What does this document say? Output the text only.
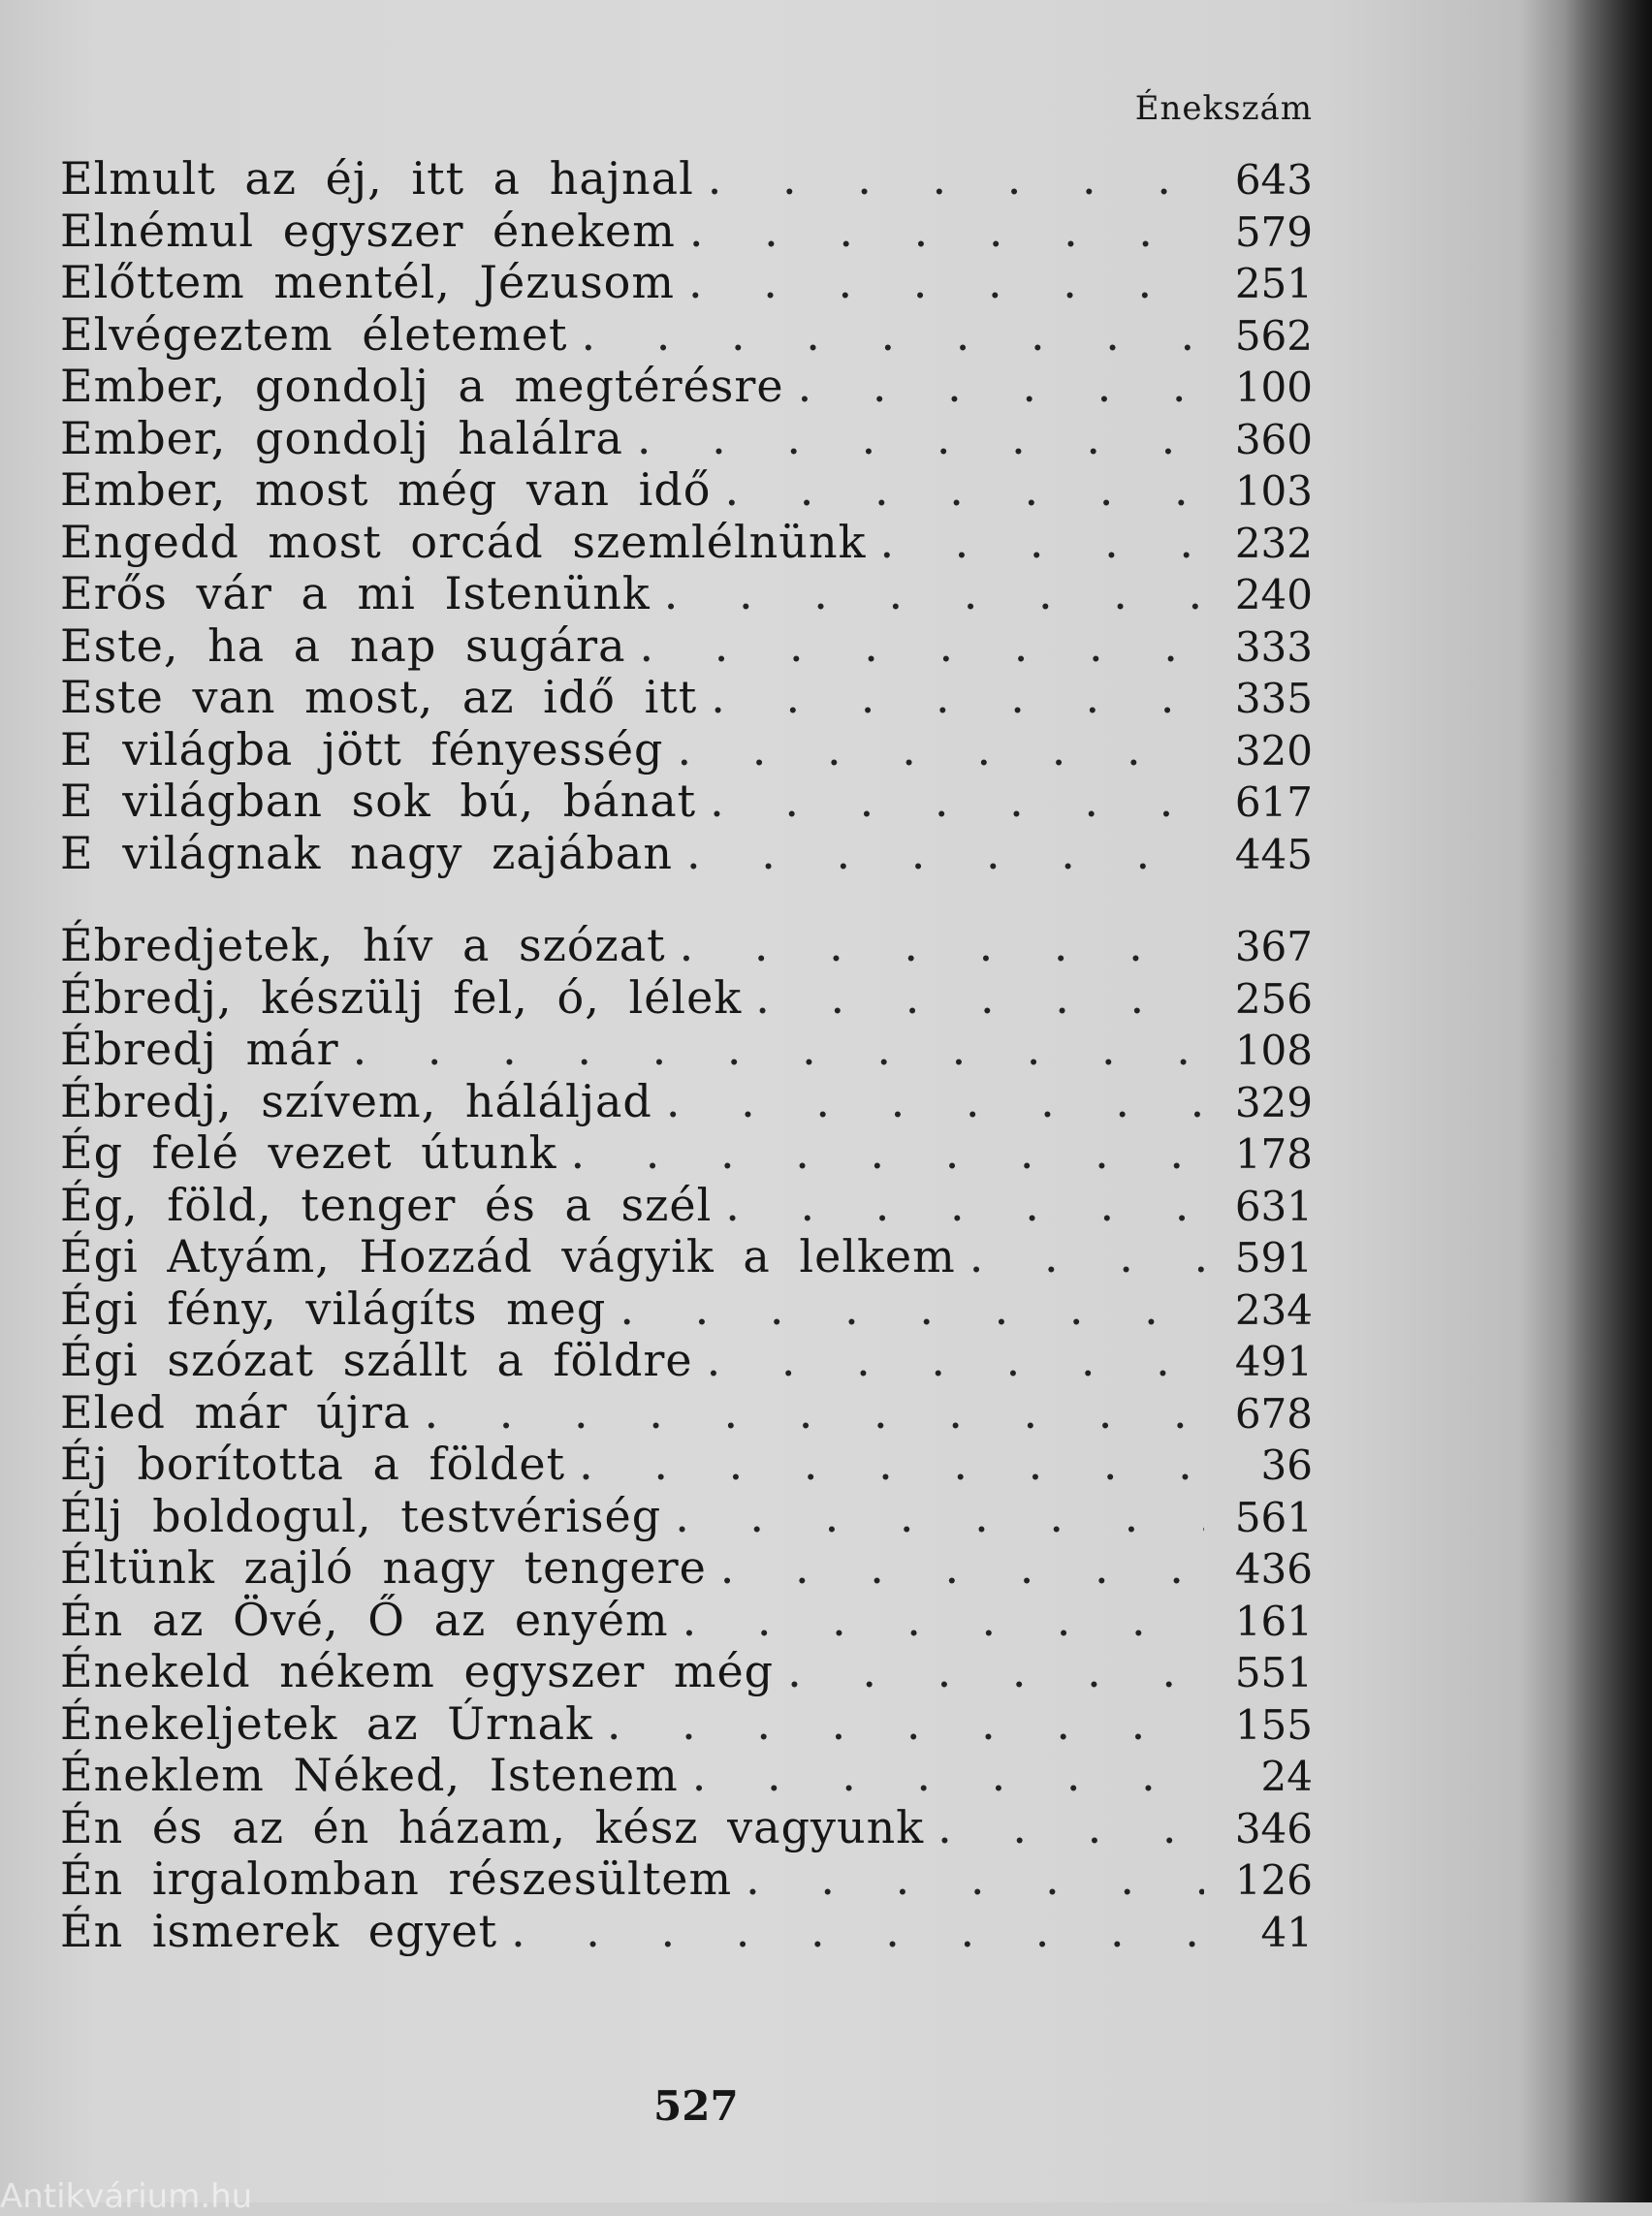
Énekszám
Elmult az éj, itt a hajnal . . .	643
Elnémul egyszer énekem . . .	579
Előttem mentél, Jézusom . . .	251
Elvégeztem életemet . . .	562
Ember, gondolj a megtérésre . . .	100
Ember, gondolj halálra . . .	360
Ember, most még van idő . . .	103
Engedd most orcád szemlélnünk . . .	232
Erős vár a mi Istenünk . . .	240
Este, ha a nap sugára . . .	333
Este van most, az idő itt . . .	335
E világba jött fényesség . . .	320
E világban sok bú, bánat . . .	617
E világnak nagy zajában . . .	445
Ébredjetek, hív a szózat . . .	367
Ébredj, készülj fel, ó, lélek . . .	256
Ébredj már . . .	108
Ébredj, szívem, háláljad . . .	329
Ég felé vezet útunk . . .	178
Ég, föld, tenger és a szél . . .	631
Égi Atyám, Hozzád vágyik a lelkem . . .	591
Égi fény, világíts meg . . .	234
Égi szózat szállt a földre . . .	491
Eled már újra . . .	678
Éj borította a földet . . .	36
Élj boldogul, testvériség . . .	561
Éltünk zajló nagy tengere . . .	436
Én az Övé, Ő az enyém . . .	161
Énekeld nékem egyszer még . . .	551
Énekeljetek az Úrnak . . .	155
Éneklem Néked, Istenem . . .	24
Én és az én házam, kész vagyunk . . .	346
Én irgalomban részesültem . . .	126
Én ismerek egyet . . .	41
527
Antikvárium.hu
